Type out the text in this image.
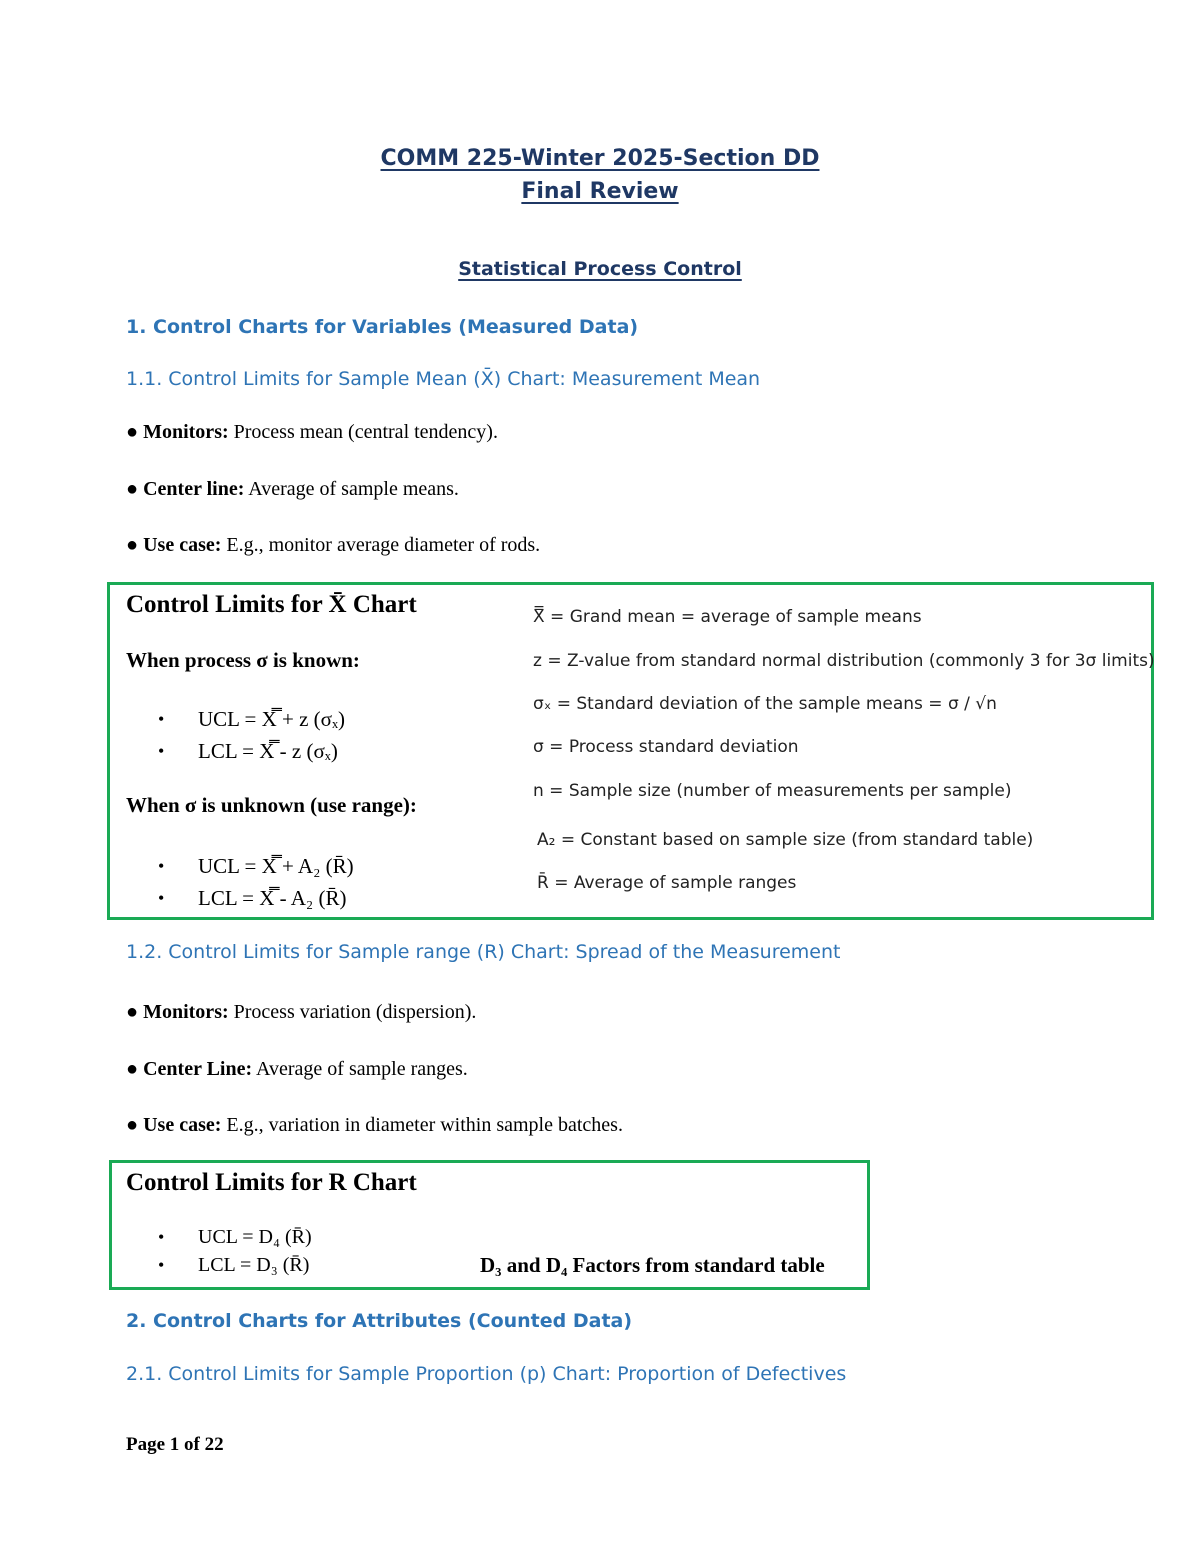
COMM 225-Winter 2025-Section DD
Final Review
Statistical Process Control
1. Control Charts for Variables (Measured Data)
1.1. Control Limits for Sample Mean (X̄) Chart: Measurement Mean
● Monitors: Process mean (central tendency).
● Center line: Average of sample means.
● Use case: E.g., monitor average diameter of rods.
Control Limits for X̄ Chart
When process σ is known:
• UCL = X̿ + z (σₓ)
• LCL = X̿ - z (σₓ)
When σ is unknown (use range):
• UCL = X̿ + A₂ (R̄)
• LCL = X̿ - A₂ (R̄)
X̿ = Grand mean = average of sample means
z = Z-value from standard normal distribution (commonly 3 for 3σ limits)
σₓ = Standard deviation of the sample means = σ / √n
σ = Process standard deviation
n = Sample size (number of measurements per sample)
A₂ = Constant based on sample size (from standard table)
R̄ = Average of sample ranges
1.2. Control Limits for Sample range (R) Chart: Spread of the Measurement
● Monitors: Process variation (dispersion).
● Center Line: Average of sample ranges.
● Use case: E.g., variation in diameter within sample batches.
Control Limits for R Chart
• UCL = D₄ (R̄)
• LCL = D₃ (R̄)	D₃ and D₄ Factors from standard table
2. Control Charts for Attributes (Counted Data)
2.1. Control Limits for Sample Proportion (p) Chart: Proportion of Defectives
Page 1 of 22
